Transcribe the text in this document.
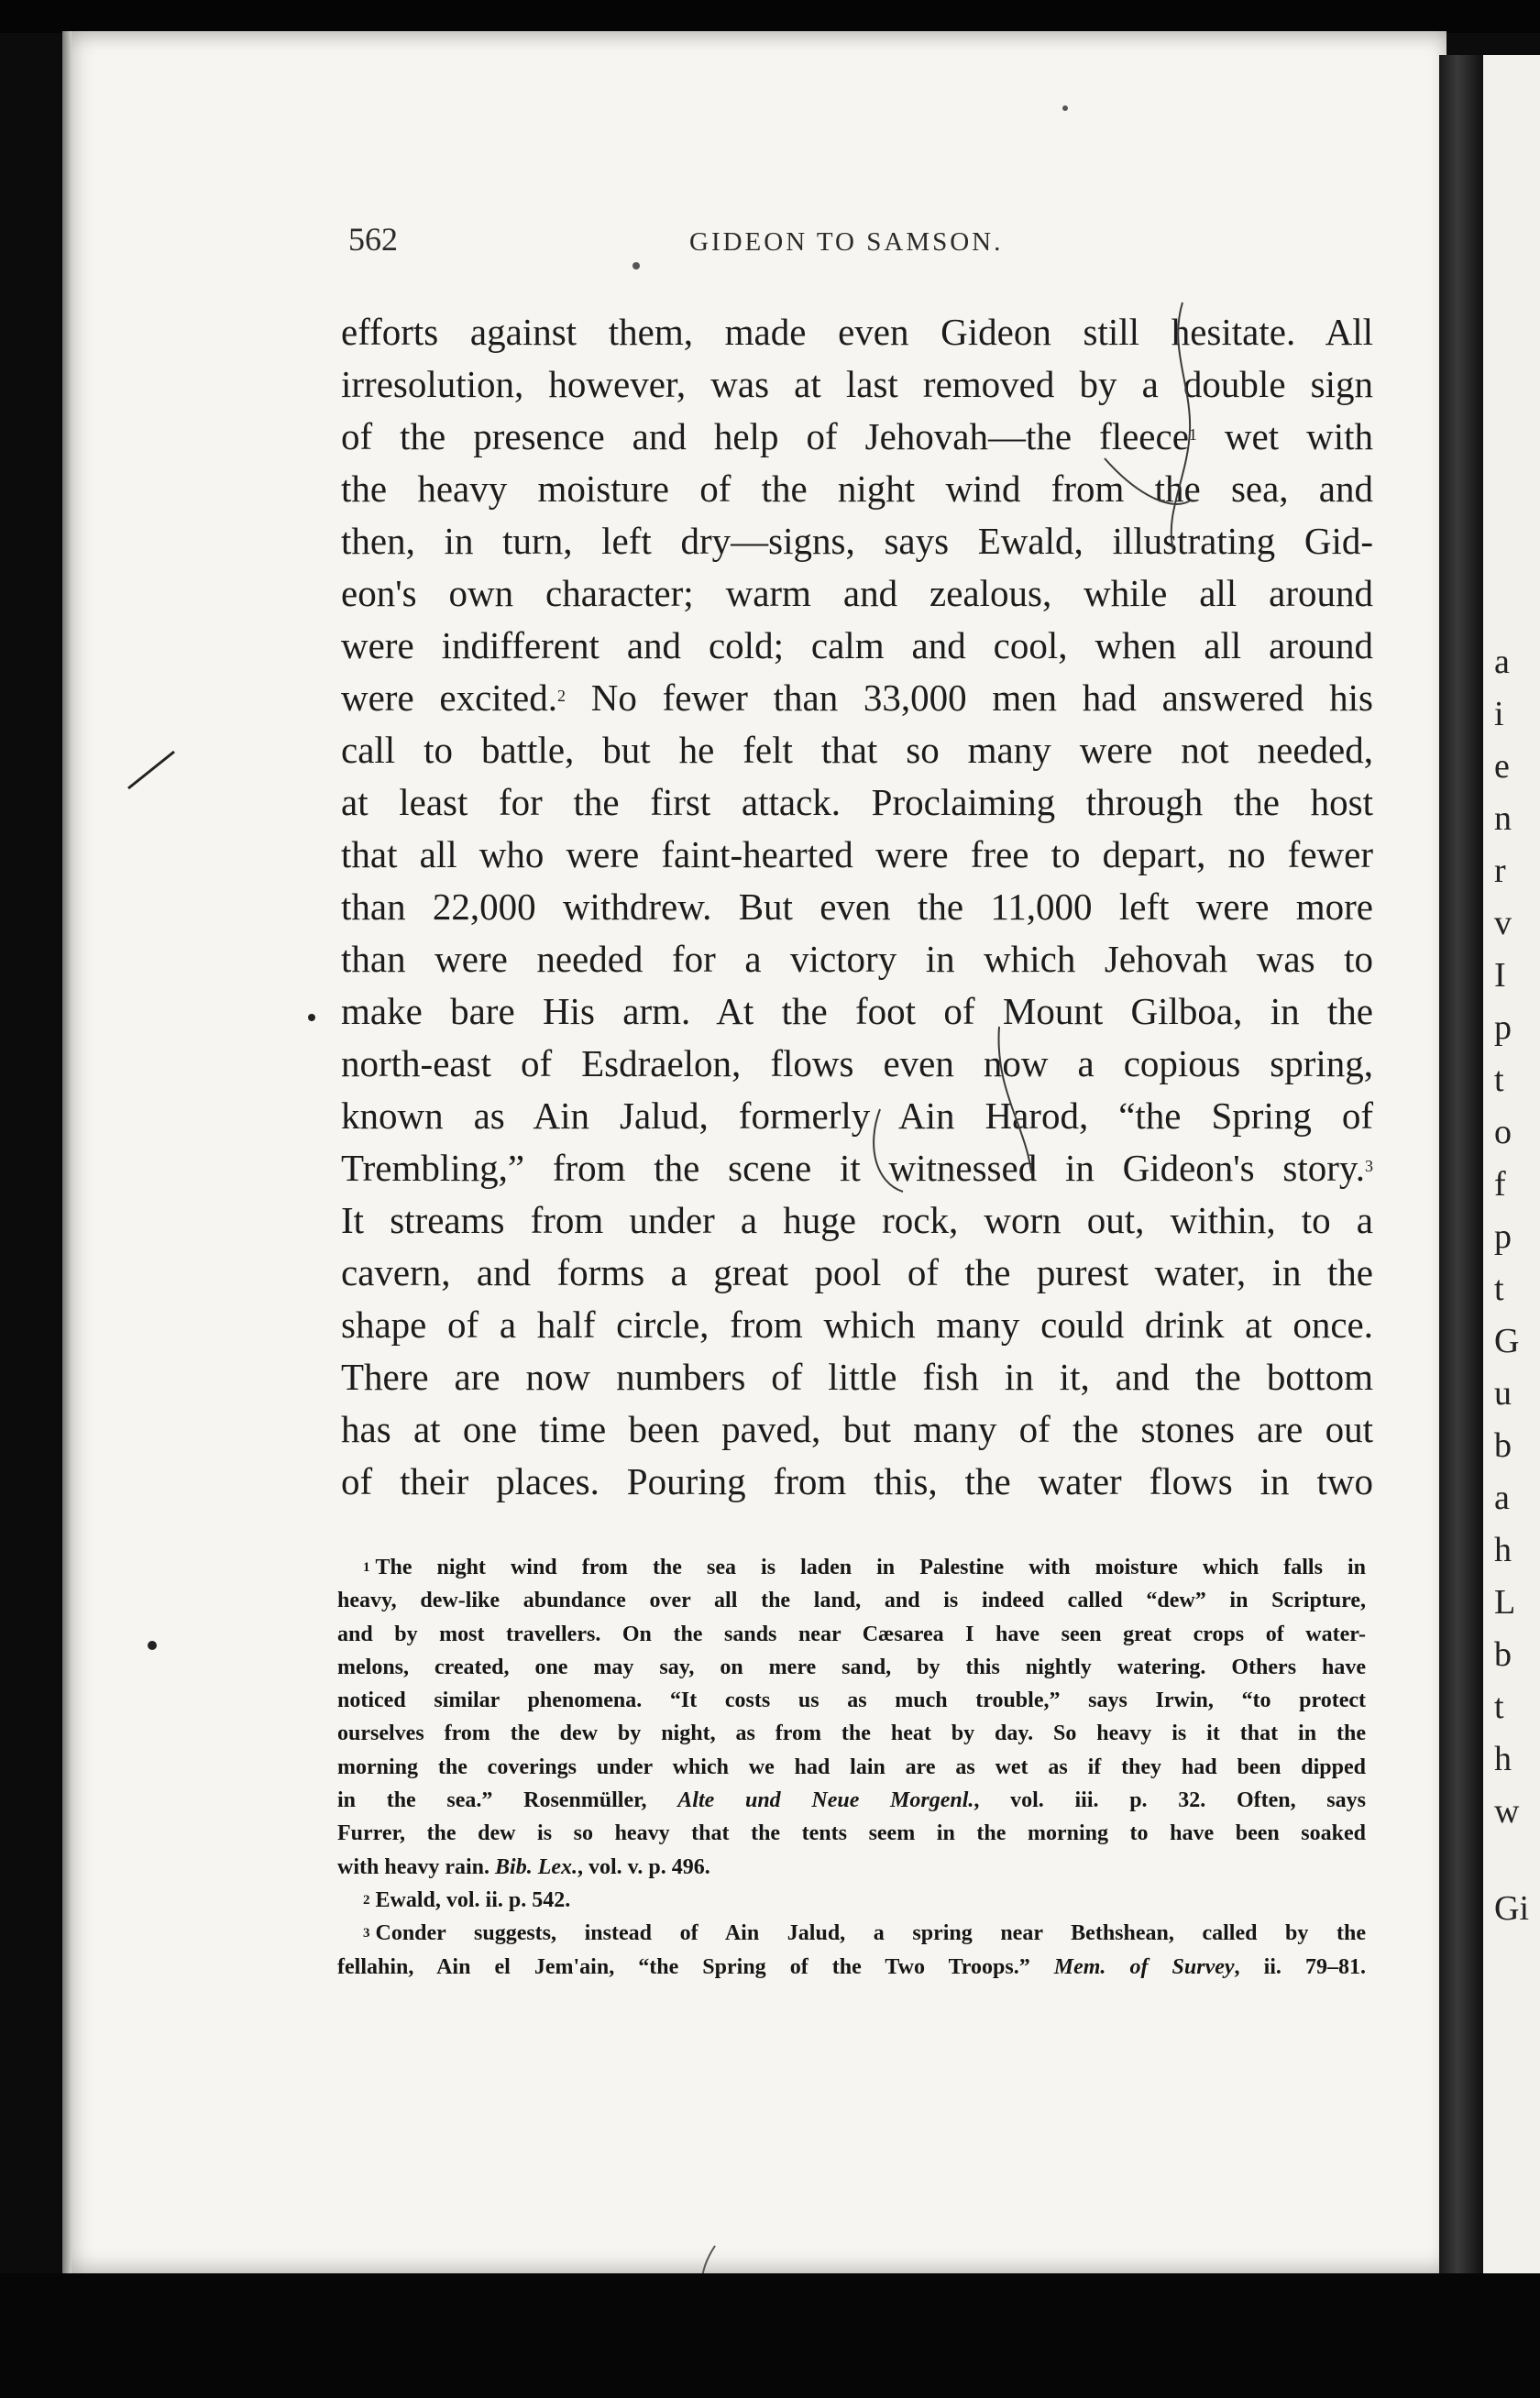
a
i
e
n
r
v
I
p
t
o
f
p
t
G
u
b
a
h
L
b
t
h
w
Gi
562	GIDEON TO SAMSON.
efforts against them, made even Gideon still hesitate. All
irresolution, however, was at last removed by a double sign
of the presence and help of Jehovah—the fleece$^1$ wet with
the heavy moisture of the night wind from the sea, and
then, in turn, left dry—signs, says Ewald, illustrating Gid-
eon's own character; warm and zealous, while all around
were indifferent and cold; calm and cool, when all around
were excited.$^2$ No fewer than 33,000 men had answered his
call to battle, but he felt that so many were not needed,
at least for the first attack. Proclaiming through the host
that all who were faint-hearted were free to depart, no fewer
than 22,000 withdrew. But even the 11,000 left were more
than were needed for a victory in which Jehovah was to
make bare His arm. At the foot of Mount Gilboa, in the
north-east of Esdraelon, flows even now a copious spring,
known as Ain Jalud, formerly Ain Harod, “the Spring of
Trembling,” from the scene it witnessed in Gideon's story.$^3$
It streams from under a huge rock, worn out, within, to a
cavern, and forms a great pool of the purest water, in the
shape of a half circle, from which many could drink at once.
There are now numbers of little fish in it, and the bottom
has at one time been paved, but many of the stones are out
of their places. Pouring from this, the water flows in two
$^1$ The night wind from the sea is laden in Palestine with moisture which falls in
heavy, dew-like abundance over all the land, and is indeed called “dew” in Scripture,
and by most travellers. On the sands near Cæsarea I have seen great crops of water-
melons, created, one may say, on mere sand, by this nightly watering. Others have
noticed similar phenomena. “It costs us as much trouble,” says Irwin, “to protect
ourselves from the dew by night, as from the heat by day. So heavy is it that in the
morning the coverings under which we had lain are as wet as if they had been dipped
in the sea.” Rosenmüller, Alte und Neue Morgenl., vol. iii. p. 32. Often, says
Furrer, the dew is so heavy that the tents seem in the morning to have been soaked
with heavy rain. Bib. Lex., vol. v. p. 496.
$^2$ Ewald, vol. ii. p. 542.
$^3$ Conder suggests, instead of Ain Jalud, a spring near Bethshean, called by the
fellahin, Ain el Jem'ain, “the Spring of the Two Troops.” Mem. of Survey, ii. 79–81.
